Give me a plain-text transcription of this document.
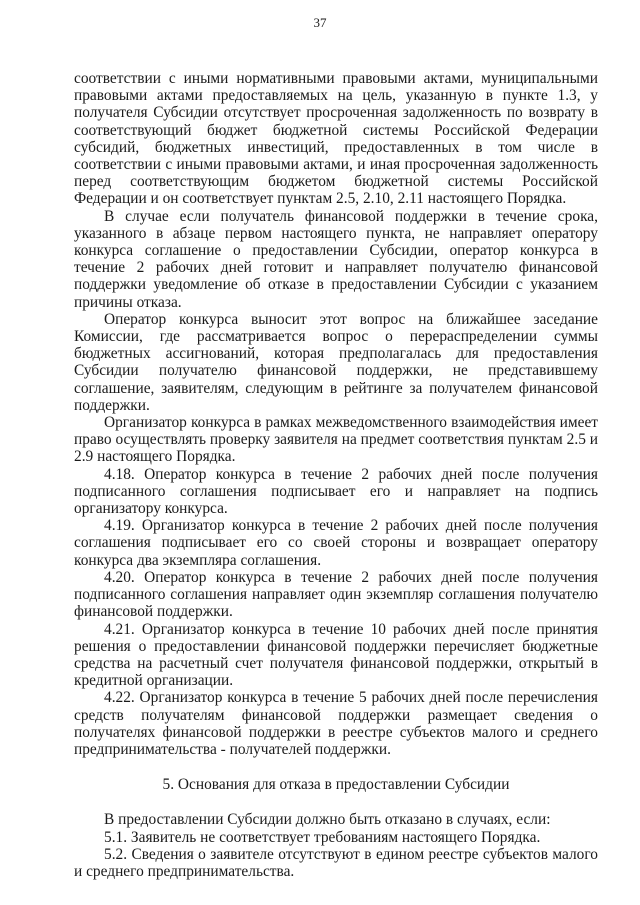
37

соответствии с иными нормативными правовыми актами, муниципальными правовыми актами предоставляемых на цель, указанную в пункте 1.3, у получателя Субсидии отсутствует просроченная задолженность по возврату в соответствующий бюджет бюджетной системы Российской Федерации субсидий, бюджетных инвестиций, предоставленных в том числе в соответствии с иными правовыми актами, и иная просроченная задолженность перед соответствующим бюджетом бюджетной системы Российской Федерации и он соответствует пунктам 2.5, 2.10, 2.11 настоящего Порядка.

В случае если получатель финансовой поддержки в течение срока, указанного в абзаце первом настоящего пункта, не направляет оператору конкурса соглашение о предоставлении Субсидии, оператор конкурса в течение 2 рабочих дней готовит и направляет получателю финансовой поддержки уведомление об отказе в предоставлении Субсидии с указанием причины отказа.

Оператор конкурса выносит этот вопрос на ближайшее заседание Комиссии, где рассматривается вопрос о перераспределении суммы бюджетных ассигнований, которая предполагалась для предоставления Субсидии получателю финансовой поддержки, не представившему соглашение, заявителям, следующим в рейтинге за получателем финансовой поддержки.

Организатор конкурса в рамках межведомственного взаимодействия имеет право осуществлять проверку заявителя на предмет соответствия пунктам 2.5 и 2.9 настоящего Порядка.

4.18. Оператор конкурса в течение 2 рабочих дней после получения подписанного соглашения подписывает его и направляет на подпись организатору конкурса.

4.19. Организатор конкурса в течение 2 рабочих дней после получения соглашения подписывает его со своей стороны и возвращает оператору конкурса два экземпляра соглашения.

4.20. Оператор конкурса в течение 2 рабочих дней после получения подписанного соглашения направляет один экземпляр соглашения получателю финансовой поддержки.

4.21. Организатор конкурса в течение 10 рабочих дней после принятия решения о предоставлении финансовой поддержки перечисляет бюджетные средства на расчетный счет получателя финансовой поддержки, открытый в кредитной организации.

4.22. Организатор конкурса в течение 5 рабочих дней после перечисления средств получателям финансовой поддержки размещает сведения о получателях финансовой поддержки в реестре субъектов малого и среднего предпринимательства - получателей поддержки.

5. Основания для отказа в предоставлении Субсидии

В предоставлении Субсидии должно быть отказано в случаях, если:

5.1. Заявитель не соответствует требованиям настоящего Порядка.

5.2. Сведения о заявителе отсутствуют в едином реестре субъектов малого и среднего предпринимательства.
